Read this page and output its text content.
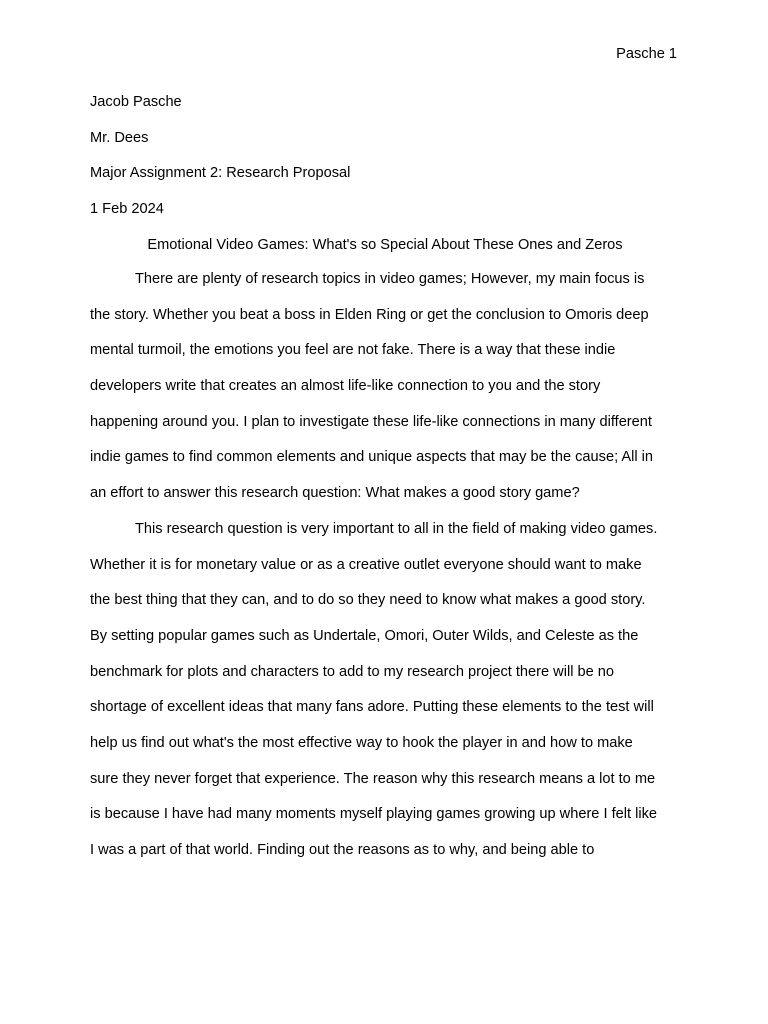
Pasche 1
Jacob Pasche
Mr. Dees
Major Assignment 2: Research Proposal
1 Feb 2024
Emotional Video Games: What's so Special About These Ones and Zeros
There are plenty of research topics in video games; However, my main focus is
the story. Whether you beat a boss in Elden Ring or get the conclusion to Omoris deep
mental turmoil, the emotions you feel are not fake. There is a way that these indie
developers write that creates an almost life-like connection to you and the story
happening around you. I plan to investigate these life-like connections in many different
indie games to find common elements and unique aspects that may be the cause; All in
an effort to answer this research question: What makes a good story game?
This research question is very important to all in the field of making video games.
Whether it is for monetary value or as a creative outlet everyone should want to make
the best thing that they can, and to do so they need to know what makes a good story.
By setting popular games such as Undertale, Omori, Outer Wilds, and Celeste as the
benchmark for plots and characters to add to my research project there will be no
shortage of excellent ideas that many fans adore. Putting these elements to the test will
help us find out what's the most effective way to hook the player in and how to make
sure they never forget that experience. The reason why this research means a lot to me
is because I have had many moments myself playing games growing up where I felt like
I was a part of that world. Finding out the reasons as to why, and being able to
